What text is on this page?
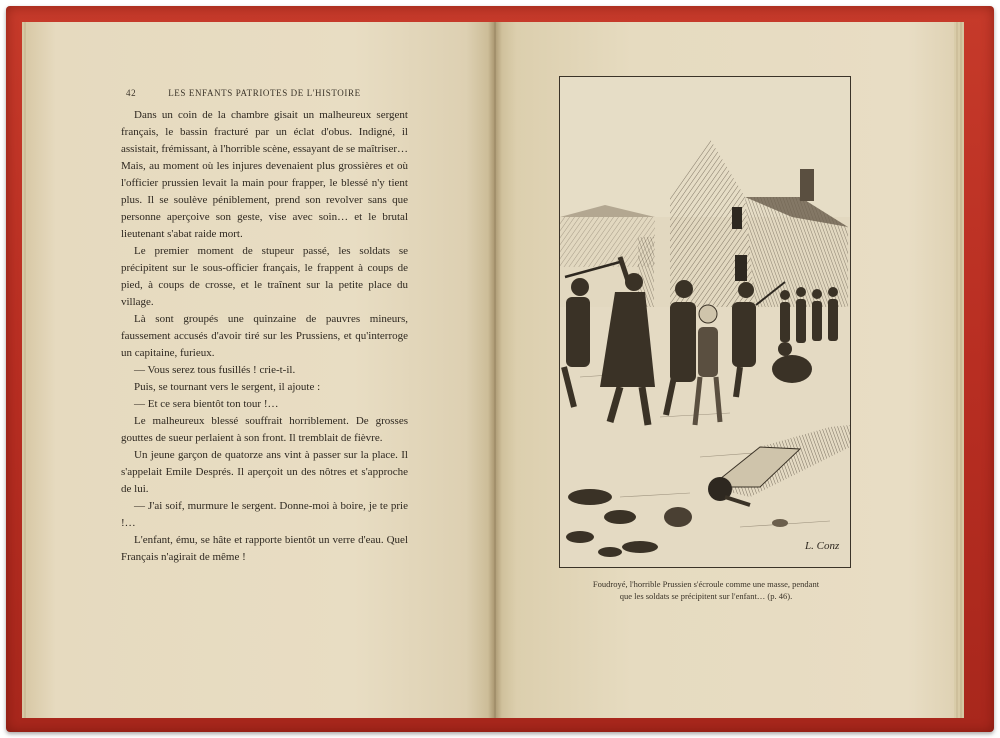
42	LES ENFANTS PATRIOTES DE L'HISTOIRE

Dans un coin de la chambre gisait un malheureux sergent français, le bassin fracturé par un éclat d'obus. Indigné, il assistait, frémissant, à l'horrible scène, essayant de se maîtriser… Mais, au moment où les injures devenaient plus grossières et où l'officier prussien levait la main pour frapper, le blessé n'y tient plus. Il se soulève péniblement, prend son revolver sans que personne aperçoive son geste, vise avec soin… et le brutal lieutenant s'abat raide mort.

Le premier moment de stupeur passé, les soldats se précipitent sur le sous-officier français, le frappent à coups de pied, à coups de crosse, et le traînent sur la petite place du village.

Là sont groupés une quinzaine de pauvres mineurs, faussement accusés d'avoir tiré sur les Prussiens, et qu'interroge un capitaine, furieux.

— Vous serez tous fusillés ! crie-t-il.

Puis, se tournant vers le sergent, il ajoute :

— Et ce sera bientôt ton tour !…

Le malheureux blessé souffrait horriblement. De grosses gouttes de sueur perlaient à son front. Il tremblait de fièvre.

Un jeune garçon de quatorze ans vint à passer sur la place. Il s'appelait Emile Després. Il aperçoit un des nôtres et s'approche de lui.

— J'ai soif, murmure le sergent. Donne-moi à boire, je te prie !…

L'enfant, ému, se hâte et rapporte bientôt un verre d'eau. Quel Français n'agirait de même !

L. Conz
Foudroyé, l'horrible Prussien s'écroule comme une masse, pendant
que les soldats se précipitent sur l'enfant… (p. 46).
